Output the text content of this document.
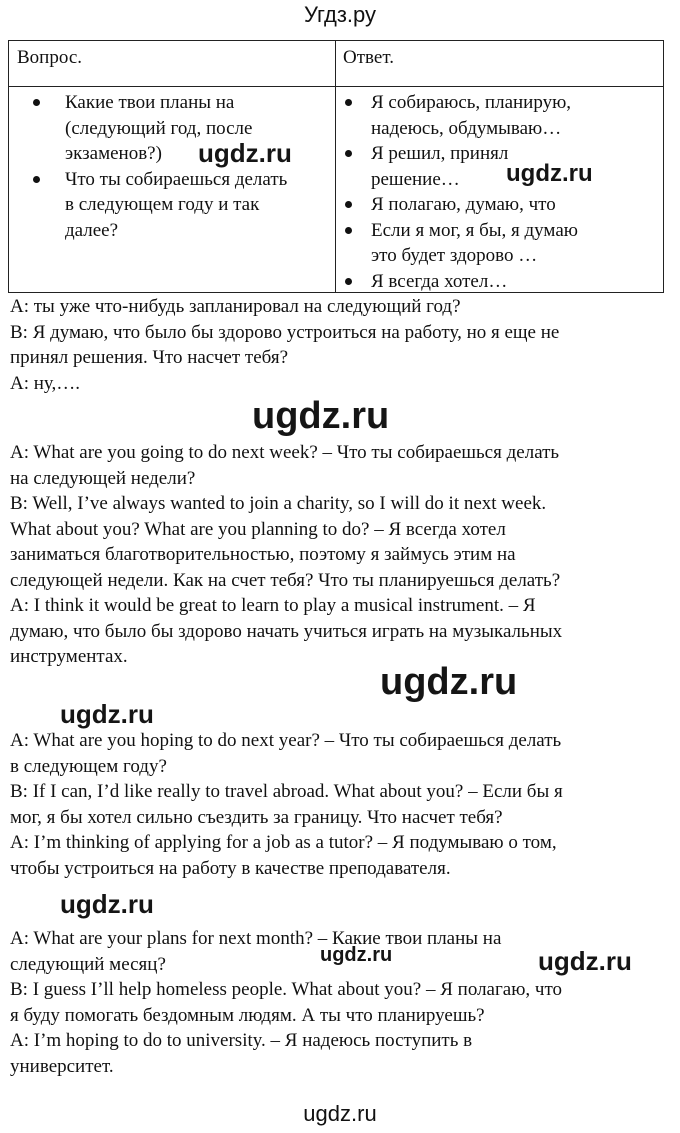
Угдз.ру
Вопрос.	Ответ.
Какие твои планы на
(следующий год, после
экзаменов?)
Что ты собираешься делать
в следующем году и так
далее?
Я собираюсь, планирую,
надеюсь, обдумываю…
Я решил, принял
решение…
Я полагаю, думаю, что
Если я мог, я бы, я думаю
это будет здорово …
Я всегда хотел…
A: ты уже что-нибудь запланировал на следующий год?
B: Я думаю, что было бы здорово устроиться на работу, но я еще не
принял решения. Что насчет тебя?
A: ну,….
A: What are you going to do next week? – Что ты собираешься делать
на следующей недели?
B: Well, I’ve always wanted to join a charity, so I will do it next week.
What about you? What are you planning to do? – Я всегда хотел
заниматься благотворительностью, поэтому я займусь этим на
следующей недели. Как на счет тебя? Что ты планируешься делать?
A: I think it would be great to learn to play a musical instrument. – Я
думаю, что было бы здорово начать учиться играть на музыкальных
инструментах.
A: What are you hoping to do next year? – Что ты собираешься делать
в следующем году?
B: If I can, I’d like really to travel abroad. What about you? – Если бы я
мог, я бы хотел сильно съездить за границу. Что насчет тебя?
A: I’m thinking of applying for a job as a tutor? – Я подумываю о том,
чтобы устроиться на работу в качестве преподавателя.
A: What are your plans for next month? – Какие твои планы на
следующий месяц?
B: I guess I’ll help homeless people. What about you? – Я полагаю, что
я буду помогать бездомным людям. А ты что планируешь?
A: I’m hoping to do to university. – Я надеюсь поступить в
университет.
ugdz.ru
ugdz.ru
ugdz.ru
ugdz.ru
ugdz.ru
ugdz.ru
ugdz.ru	ugdz.ru
ugdz.ru
